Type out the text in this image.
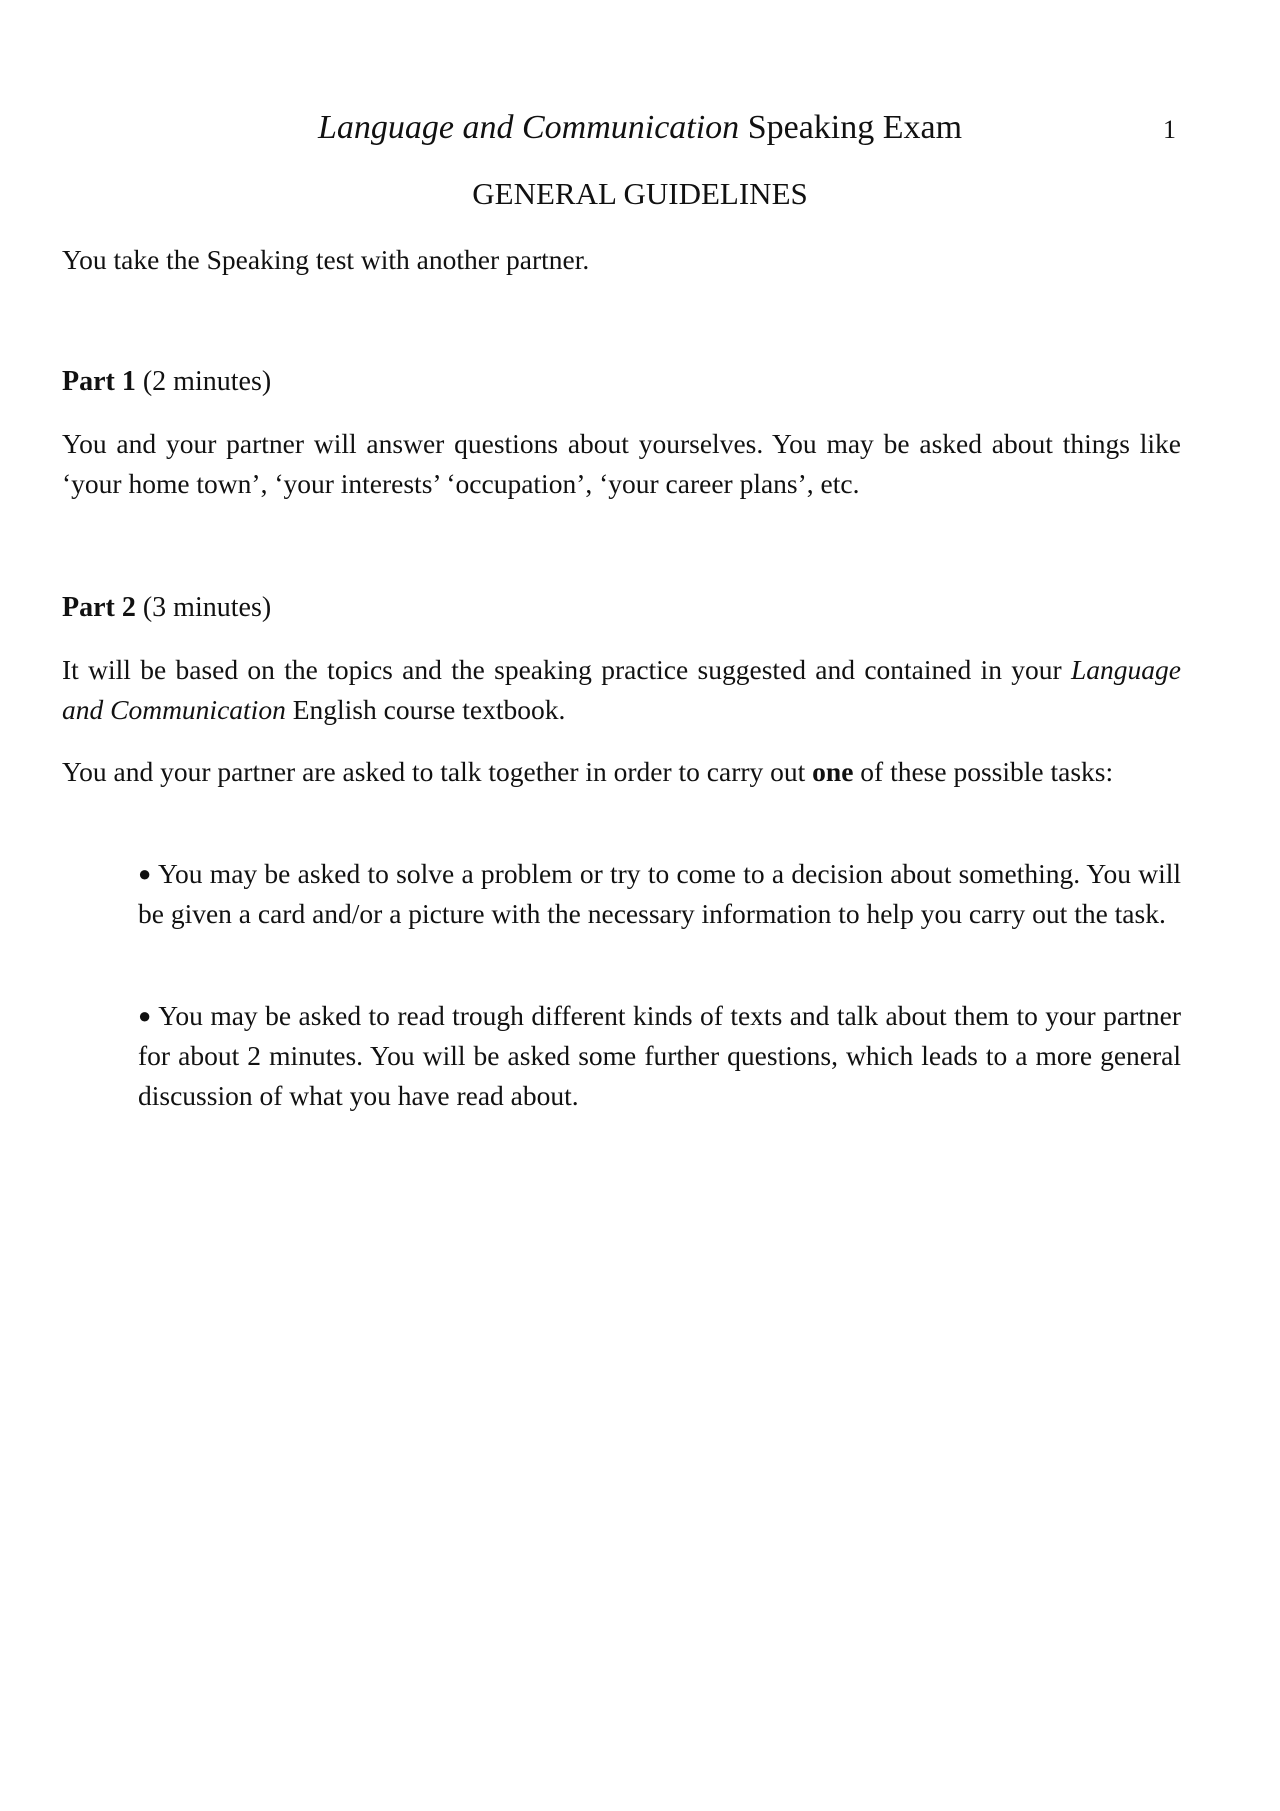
Language and Communication Speaking Exam	1
GENERAL GUIDELINES

You take the Speaking test with another partner.

Part 1 (2 minutes)

You and your partner will answer questions about yourselves. You may be asked about things like ‘your home town’, ‘your interests’ ‘occupation’, ‘your career plans’, etc.

Part 2 (3 minutes)

It will be based on the topics and the speaking practice suggested and contained in your Language and Communication English course textbook.

You and your partner are asked to talk together in order to carry out one of these possible tasks:

● You may be asked to solve a problem or try to come to a decision about something. You will be given a card and/or a picture with the necessary information to help you carry out the task.

● You may be asked to read trough different kinds of texts and talk about them to your partner for about 2 minutes. You will be asked some further questions, which leads to a more general discussion of what you have read about.
